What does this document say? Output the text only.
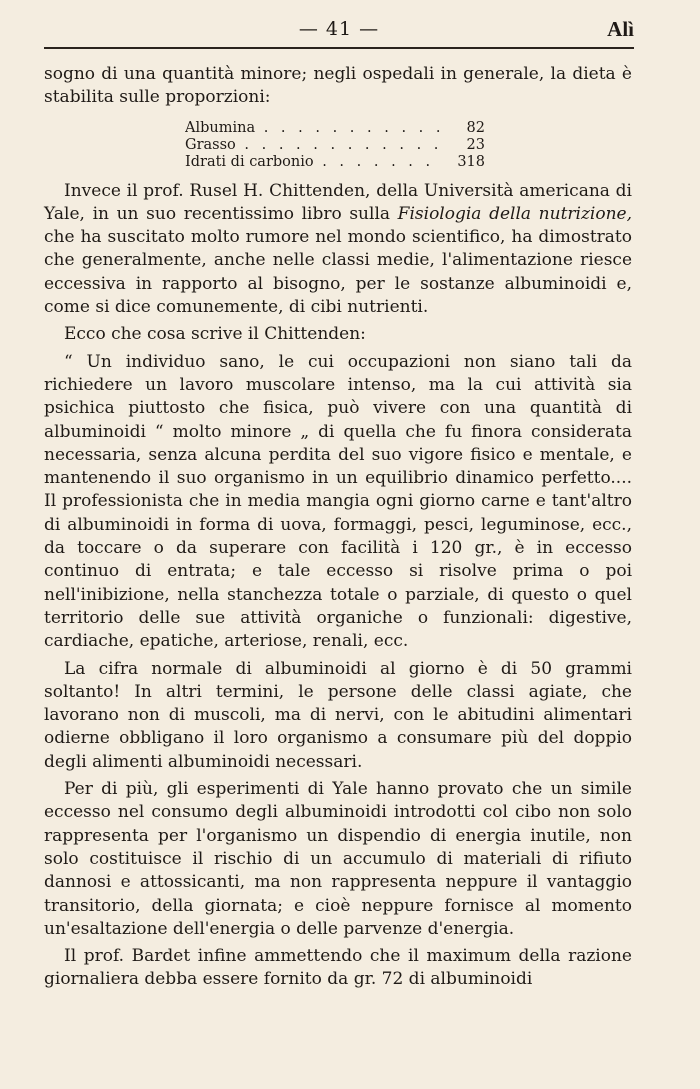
— 41 —	Alì

sogno di una quantità minore; negli ospedali in generale, la dieta è stabilita sulle proporzioni:

Albumina . . .	82
Grasso . . .	23
Idrati di carbonio . . .	318

Invece il prof. Rusel H. Chittenden, della Università americana di Yale, in un suo recentissimo libro sulla Fisiologia della nutrizione, che ha suscitato molto rumore nel mondo scientifico, ha dimostrato che generalmente, anche nelle classi medie, l'alimentazione riesce eccessiva in rapporto al bisogno, per le sostanze albuminoidi e, come si dice comunemente, di cibi nutrienti.

Ecco che cosa scrive il Chittenden:

“ Un individuo sano, le cui occupazioni non siano tali da richiedere un lavoro muscolare intenso, ma la cui attività sia psichica piuttosto che fisica, può vivere con una quantità di albuminoidi “ molto minore „ di quella che fu finora considerata necessaria, senza alcuna perdita del suo vigore fisico e mentale, e mantenendo il suo organismo in un equilibrio dinamico perfetto.... Il professionista che in media mangia ogni giorno carne e tant'altro di albuminoidi in forma di uova, formaggi, pesci, leguminose, ecc., da toccare o da superare con facilità i 120 gr., è in eccesso continuo di entrata; e tale eccesso si risolve prima o poi nell'inibizione, nella stanchezza totale o parziale, di questo o quel territorio delle sue attività organiche o funzionali: digestive, cardiache, epatiche, arteriose, renali, ecc.

La cifra normale di albuminoidi al giorno è di 50 grammi soltanto! In altri termini, le persone delle classi agiate, che lavorano non di muscoli, ma di nervi, con le abitudini alimentari odierne obbligano il loro organismo a consumare più del doppio degli alimenti albuminoidi necessari.

Per di più, gli esperimenti di Yale hanno provato che un simile eccesso nel consumo degli albuminoidi introdotti col cibo non solo rappresenta per l'organismo un dispendio di energia inutile, non solo costituisce il rischio di un accumulo di materiali di rifiuto dannosi e attossicanti, ma non rappresenta neppure il vantaggio transitorio, della giornata; e cioè neppure fornisce al momento un'esaltazione dell'energia o delle parvenze d'energia.

Il prof. Bardet infine ammettendo che il maximum della razione giornaliera debba essere fornito da gr. 72 di albuminoidi
